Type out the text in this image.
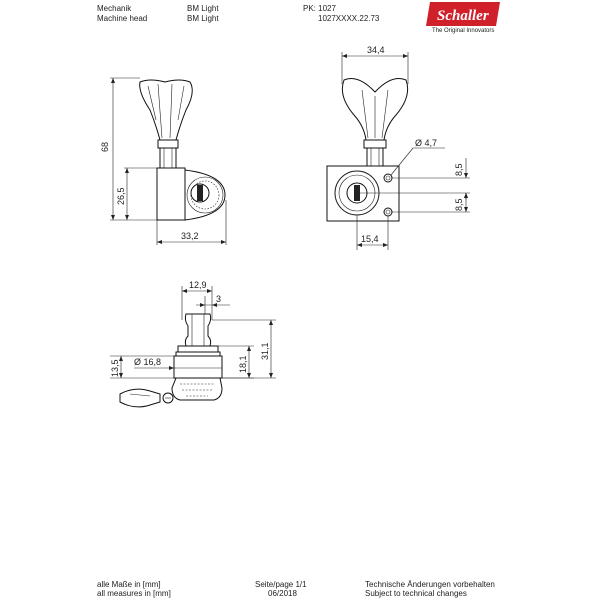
Mechanik
Machine head
BM Light
BM Light
PK: 1027
1027XXXX.22.73	Schaller
68
26,5
33,2
34,4
Ø 4,7
8,5
8,5
15,4
12,9
3
13,5 Ø 16,8	18,1
31,1
The Original Innovators
alle Maße in [mm]
all measures in [mm]
Seite/page 1/1
06/2018
Technische Änderungen vorbehalten
Subject to technical changes
